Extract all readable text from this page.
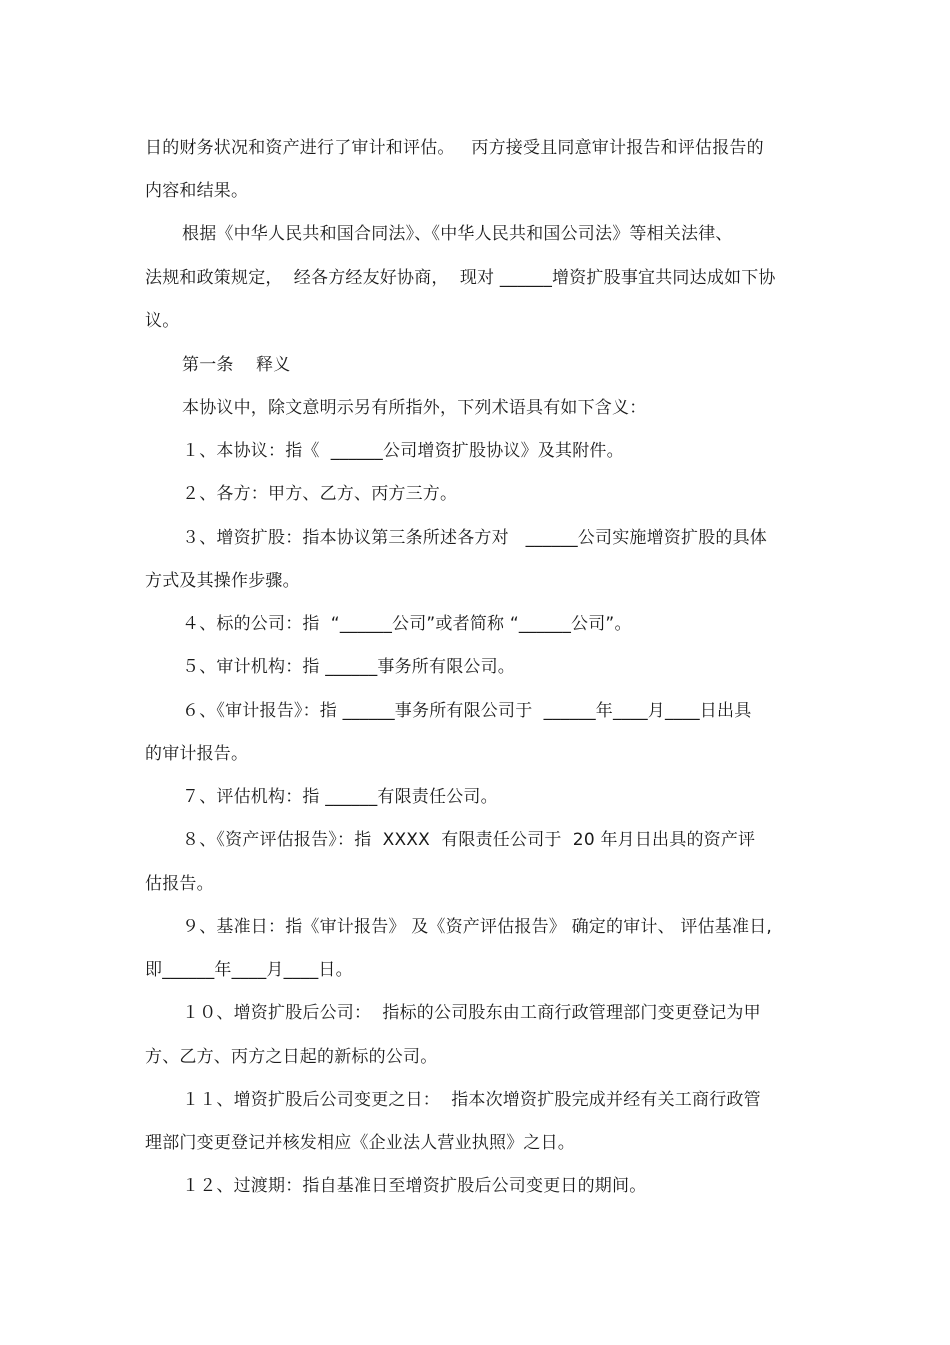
日的财务状况和资产进行了审计和评估。   丙方接受且同意审计报告和评估报告的
内容和结果。
根据《中华人民共和国合同法》、《中华人民共和国公司法》等相关法律、
法规和政策规定，  经各方经友好协商，  现对 ______增资扩股事宜共同达成如下协
议。
第一条    释义
本协议中，除文意明示另有所指外，下列术语具有如下含义：
１、本协议：指《  ______公司增资扩股协议》及其附件。
２、各方：甲方、乙方、丙方三方。
３、增资扩股：指本协议第三条所述各方对   ______公司实施增资扩股的具体
方式及其操作步骤。
４、标的公司：指  “______公司”或者简称 “______公司”。
５、审计机构：指 ______事务所有限公司。
６、《审计报告》：指 ______事务所有限公司于  ______年____月____日出具
的审计报告。
７、评估机构：指 ______有限责任公司。
８、《资产评估报告》：指  XXXX  有限责任公司于  20 年月日出具的资产评
估报告。
９、基准日：指《审计报告》 及《资产评估报告》 确定的审计、 评估基准日,
即______年____月____日。
１０、增资扩股后公司：  指标的公司股东由工商行政管理部门变更登记为甲
方、乙方、丙方之日起的新标的公司。
１１、增资扩股后公司变更之日：  指本次增资扩股完成并经有关工商行政管
理部门变更登记并核发相应《企业法人营业执照》之日。
１２、过渡期：指自基准日至增资扩股后公司变更日的期间。
